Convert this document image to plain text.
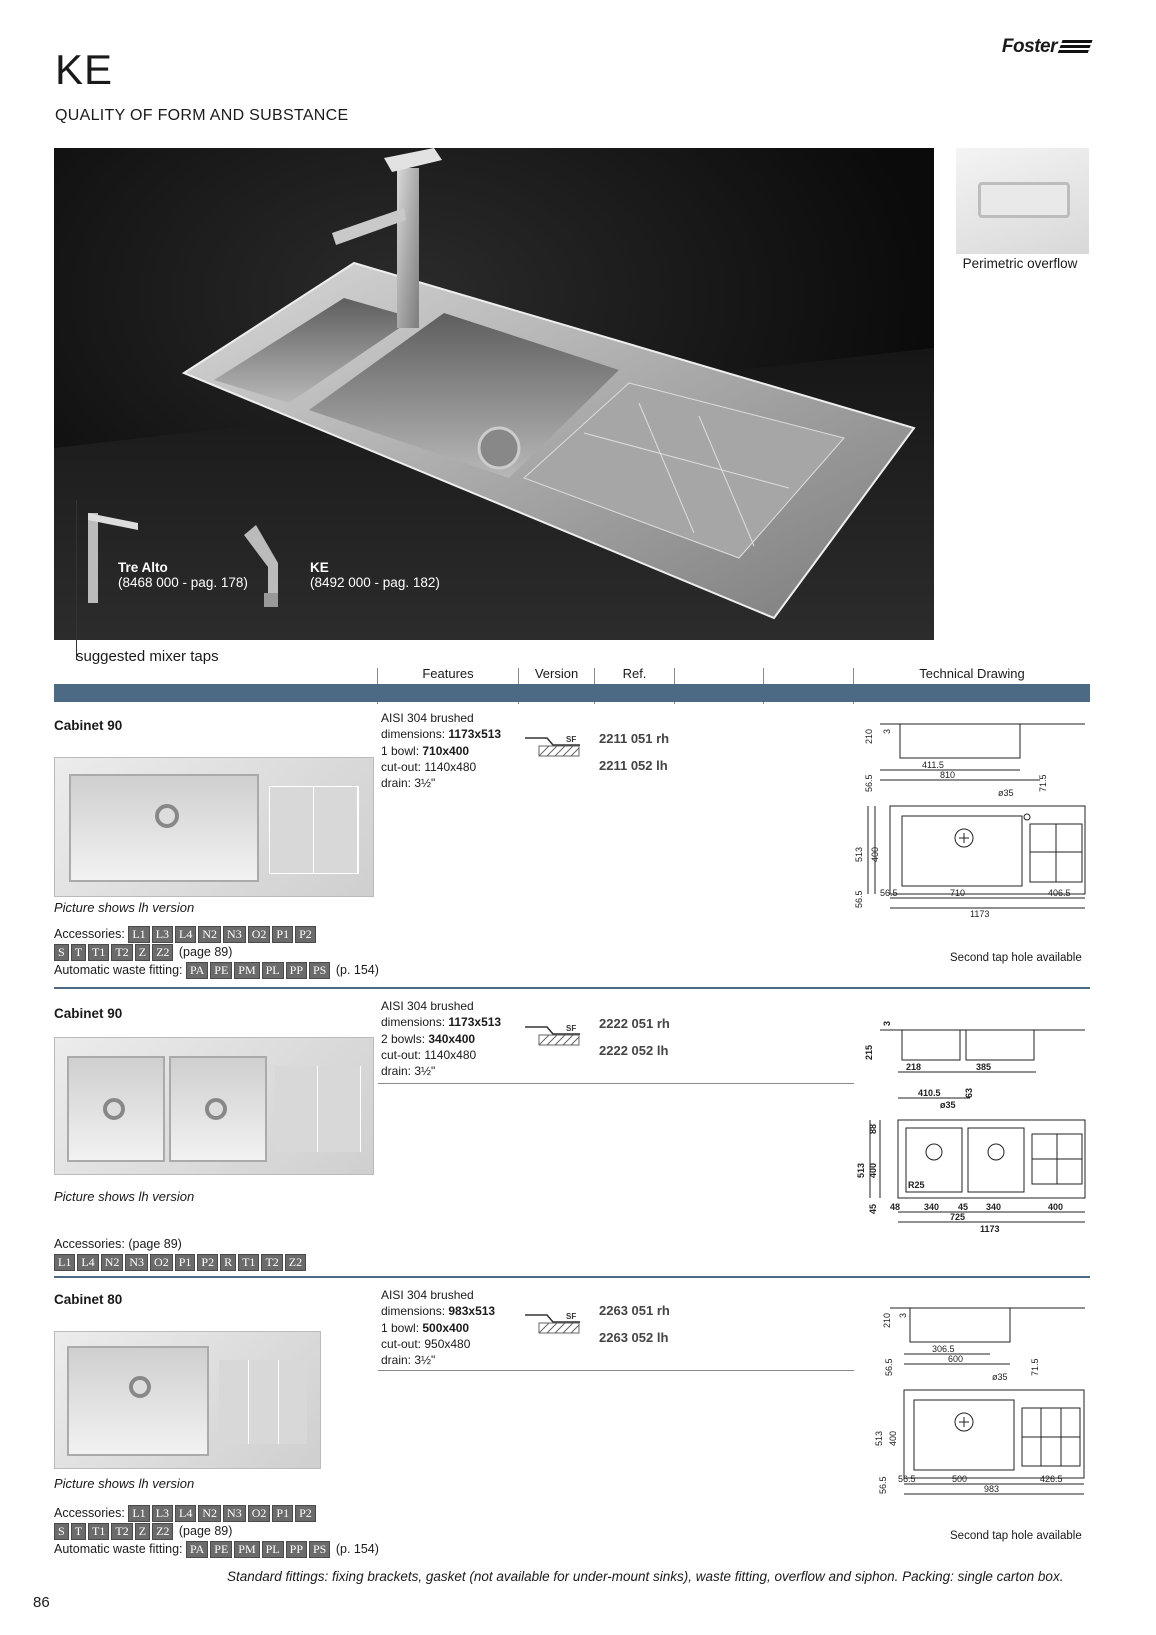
KE
QUALITY OF FORM AND SUBSTANCE
Foster
Tre Alto
(8468 000 - pag. 178)
KE
(8492 000 - pag. 182)
suggested mixer taps
Perimetric overflow
Features	Version	Ref.	Technical Drawing
Cabinet 90	AISI 304 brushed
dimensions: 1173x513
1 bowl: 710x400
cut-out: 1140x480
drain: 3½"
SF 2211 051 rh
2211 052 lh
Picture shows lh version
Accessories: L1 L3 L4 N2 N3 O2 P1 P2
S T T1 T2 Z Z2 (page 89)
Automatic waste fitting: PA PE PM PL PP PS (p. 154)
Second tap hole available
210 3
411.5
810
56.5
ø35
71.5
513 400
56.5 56.5	710	406.5
1173
Cabinet 90	AISI 304 brushed
dimensions: 1173x513
2 bowls: 340x400
cut-out: 1140x480
drain: 3½"
SF 2222 051 rh
2222 052 lh
Picture shows lh version
Accessories: (page 89)
L1 L4 N2 N3 O2 P1 P2 R T1 T2 Z2
3
215
218	385
410.5
ø35
63
88
513 400
R25
45 48	340 45 340	400
725
1173
Cabinet 80	AISI 304 brushed
dimensions: 983x513
1 bowl: 500x400
cut-out: 950x480
drain: 3½"
SF 2263 051 rh
2263 052 lh
Picture shows lh version
Accessories: L1 L3 L4 N2 N3 O2 P1 P2
S T T1 T2 Z Z2 (page 89)
Automatic waste fitting: PA PE PM PL PP PS (p. 154)
Second tap hole available
210 3
306.5
600
56.5
ø35
71.5
513 400
56.5 56.5	500	426.5
983
Standard fittings: fixing brackets, gasket (not available for under-mount sinks), waste fitting, overflow and siphon. Packing: single carton box.
86
